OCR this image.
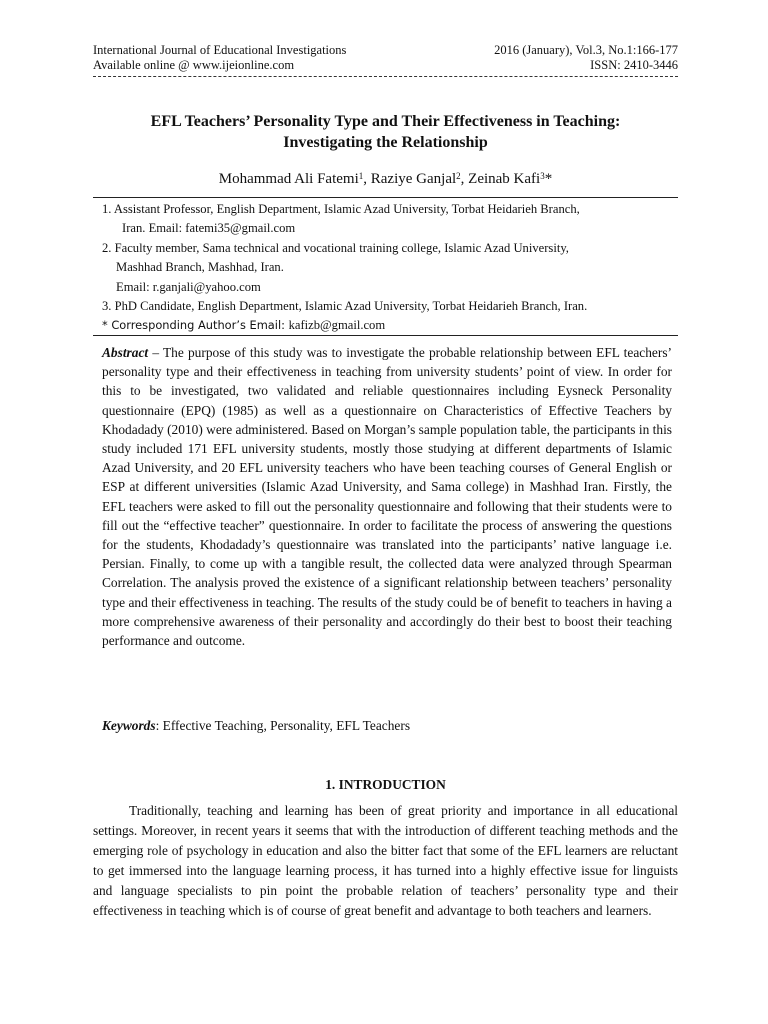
International Journal of Educational Investigations	2016 (January), Vol.3, No.1:166-177
Available online @ www.ijeionline.com	ISSN: 2410-3446
EFL Teachers’ Personality Type and Their Effectiveness in Teaching:
Investigating the Relationship
Mohammad Ali Fatemi$^1$, Raziye Ganjal$^2$, Zeinab Kafi$^3$*

1. Assistant Professor, English Department, Islamic Azad University, Torbat Heidarieh Branch,

Iran. Email: fatemi35@gmail.com

2. Faculty member, Sama technical and vocational training college, Islamic Azad University,

Mashhad Branch, Mashhad, Iran.

Email: r.ganjali@yahoo.com

3. PhD Candidate, English Department, Islamic Azad University, Torbat Heidarieh Branch, Iran.

* Corresponding Author’s Email: kafizb@gmail.com

Abstract – The purpose of this study was to investigate the probable relationship between EFL teachers’ personality type and their effectiveness in teaching from university students’ point of view. In order for this to be investigated, two validated and reliable questionnaires including Eysneck Personality questionnaire (EPQ) (1985) as well as a questionnaire on Characteristics of Effective Teachers by Khodadady (2010) were administered. Based on Morgan’s sample population table, the participants in this study included 171 EFL university students, mostly those studying at different departments of Islamic Azad University, and 20 EFL university teachers who have been teaching courses of General English or ESP at different universities (Islamic Azad University, and Sama college) in Mashhad Iran. Firstly, the EFL teachers were asked to fill out the personality questionnaire and following that their students were to fill out the “effective teacher” questionnaire. In order to facilitate the process of answering the questions for the students, Khodadady’s questionnaire was translated into the participants’ native language i.e. Persian. Finally, to come up with a tangible result, the collected data were analyzed through Spearman Correlation. The analysis proved the existence of a significant relationship between teachers’ personality type and their effectiveness in teaching. The results of the study could be of benefit to teachers in having a more comprehensive awareness of their personality and accordingly do their best to boost their teaching performance and outcome.

Keywords: Effective Teaching, Personality, EFL Teachers

1. INTRODUCTION

Traditionally, teaching and learning has been of great priority and importance in all educational settings. Moreover, in recent years it seems that with the introduction of different teaching methods and the emerging role of psychology in education and also the bitter fact that some of the EFL learners are reluctant to get immersed into the language learning process, it has turned into a highly effective issue for linguists and language specialists to pin point the probable relation of teachers’ personality type and their effectiveness in teaching which is of course of great benefit and advantage to both teachers and learners.
